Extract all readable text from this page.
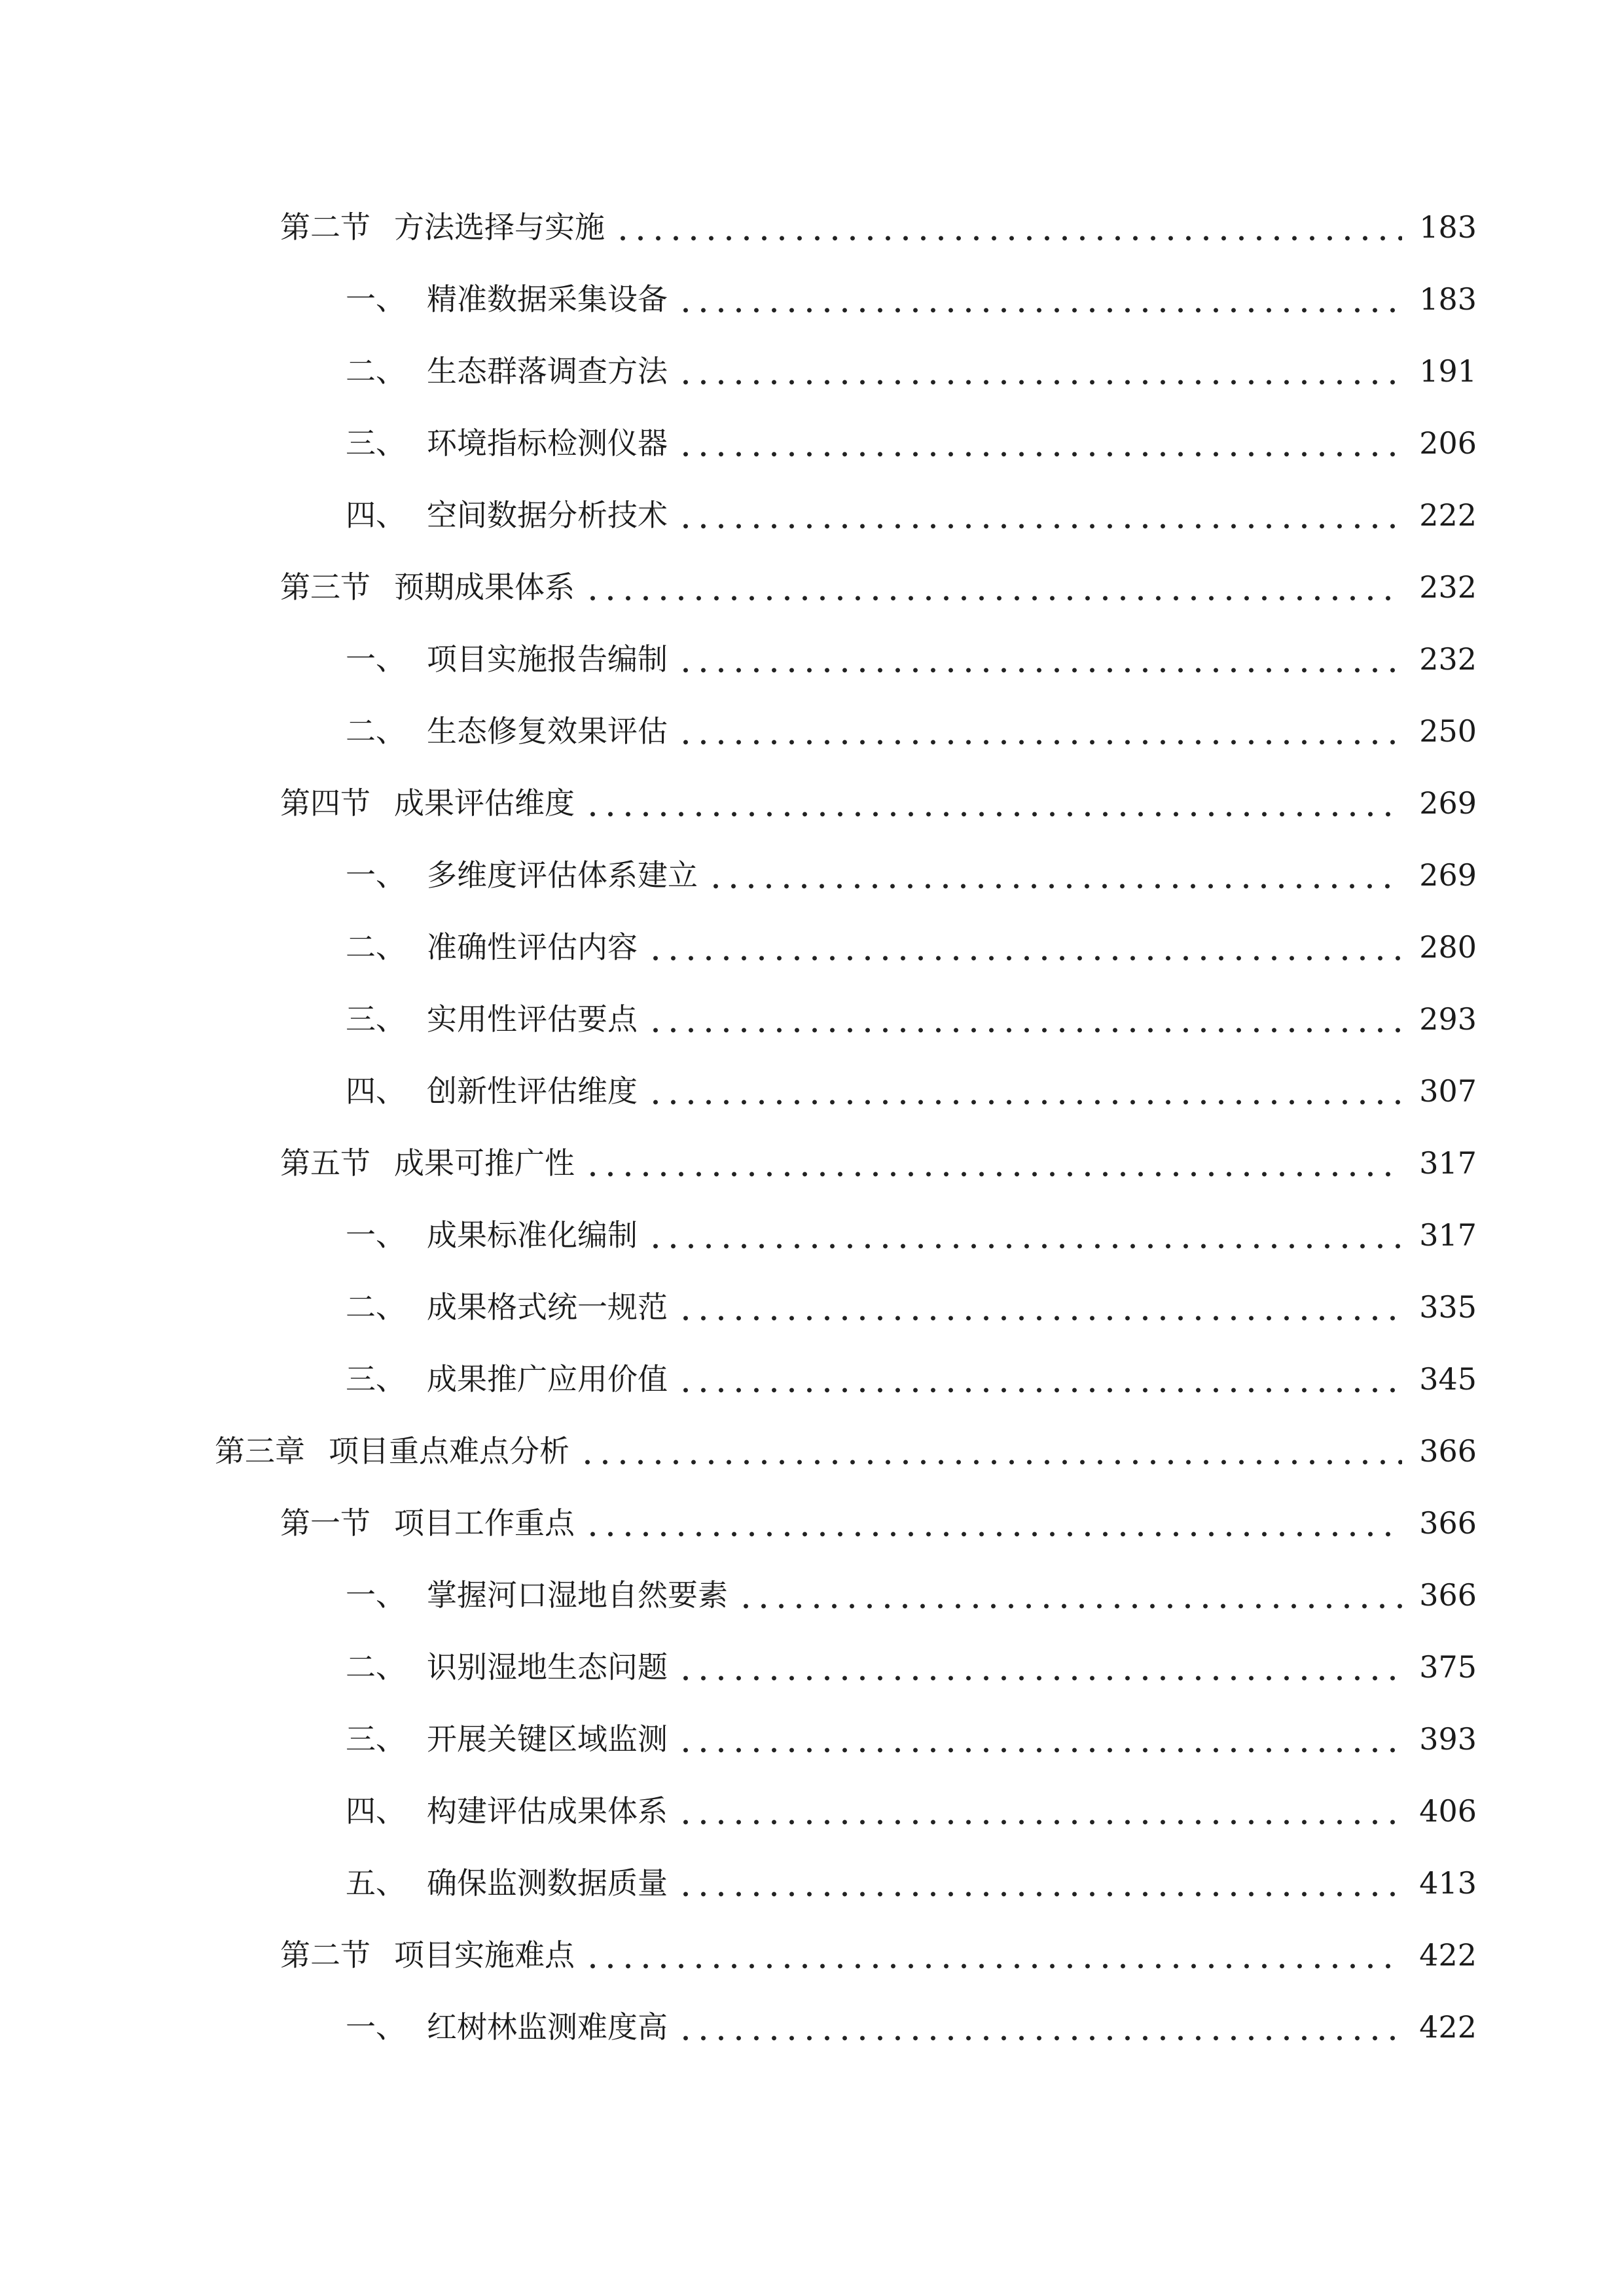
第二节 方法选择与实施	183
一、 精准数据采集设备	183
二、 生态群落调查方法	191
三、 环境指标检测仪器	206
四、 空间数据分析技术	222
第三节 预期成果体系	232
一、 项目实施报告编制	232
二、 生态修复效果评估	250
第四节 成果评估维度	269
一、 多维度评估体系建立	269
二、 准确性评估内容	280
三、 实用性评估要点	293
四、 创新性评估维度	307
第五节 成果可推广性	317
一、 成果标准化编制	317
二、 成果格式统一规范	335
三、 成果推广应用价值	345
第三章 项目重点难点分析	366
第一节 项目工作重点	366
一、 掌握河口湿地自然要素	366
二、 识别湿地生态问题	375
三、 开展关键区域监测	393
四、 构建评估成果体系	406
五、 确保监测数据质量	413
第二节 项目实施难点	422
一、 红树林监测难度高	422
